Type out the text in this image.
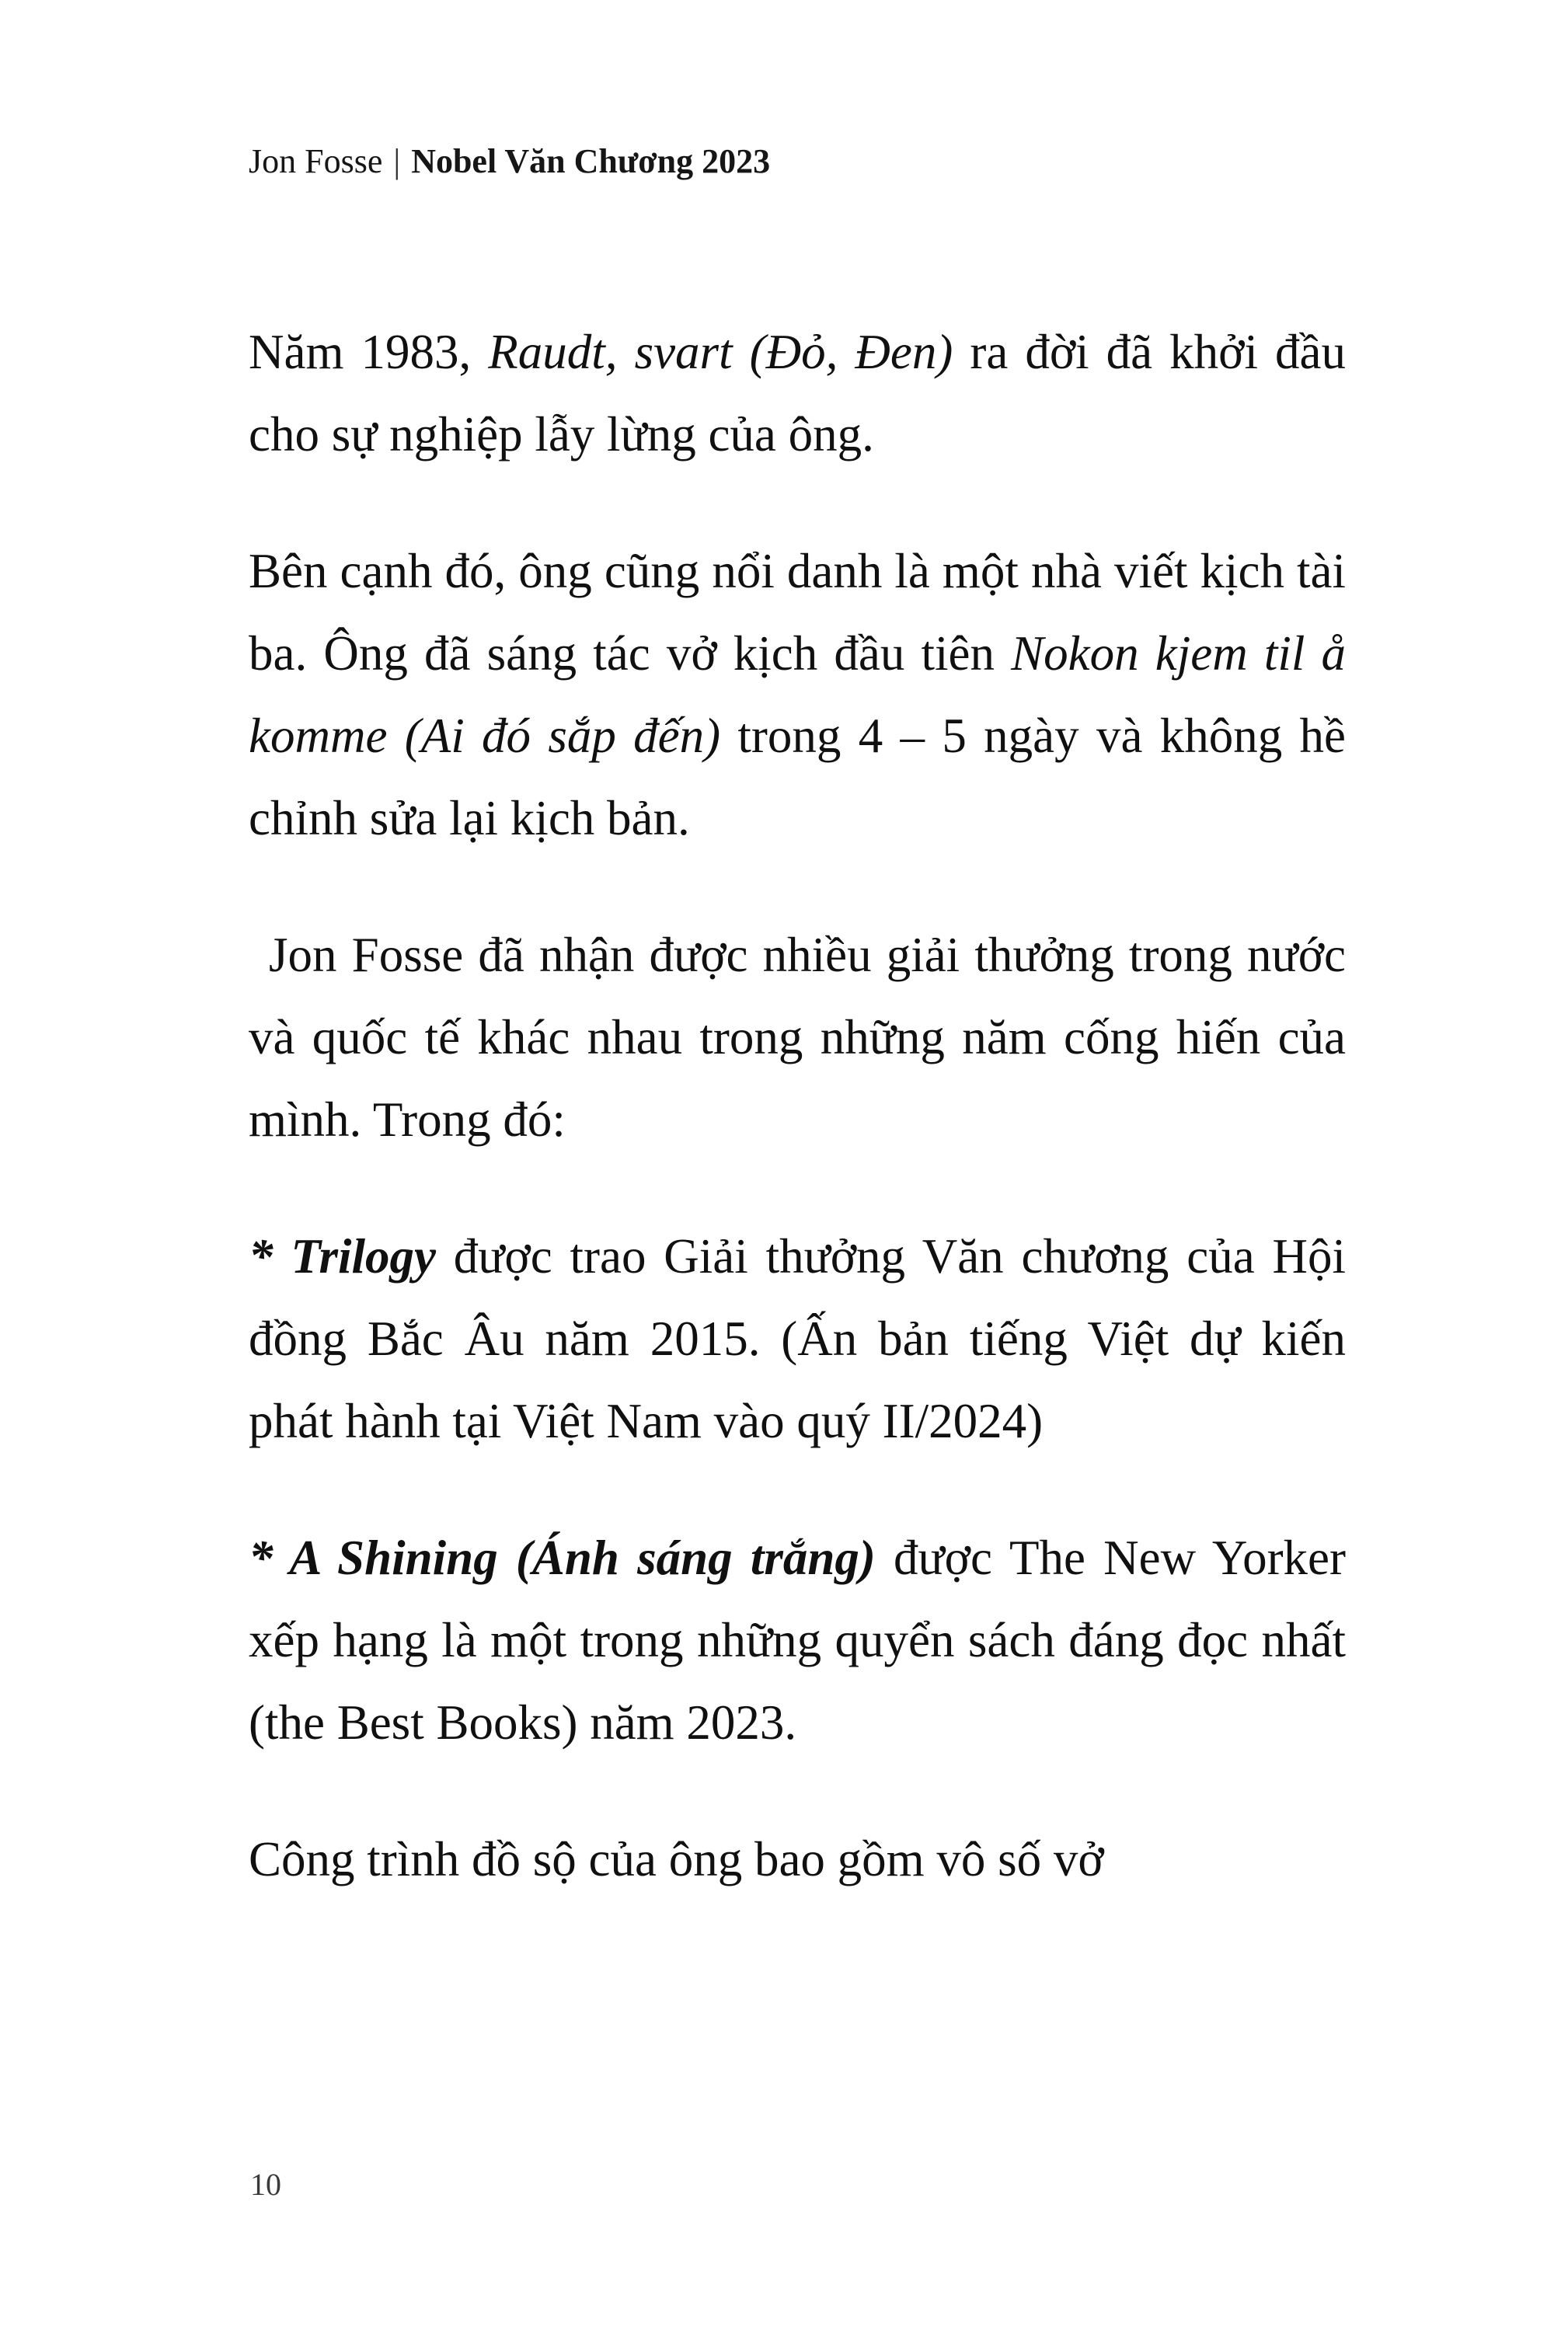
Jon Fosse | Nobel Văn Chương 2023

Năm 1983, Raudt, svart (Đỏ, Đen) ra đời đã khởi đầu cho sự nghiệp lẫy lừng của ông.

Bên cạnh đó, ông cũng nổi danh là một nhà viết kịch tài ba. Ông đã sáng tác vở kịch đầu tiên Nokon kjem til å komme (Ai đó sắp đến) trong 4 – 5 ngày và không hề chỉnh sửa lại kịch bản.

Jon Fosse đã nhận được nhiều giải thưởng trong nước và quốc tế khác nhau trong những năm cống hiến của mình. Trong đó:

* Trilogy được trao Giải thưởng Văn chương của Hội đồng Bắc Âu năm 2015. (Ấn bản tiếng Việt dự kiến phát hành tại Việt Nam vào quý II/2024)

* A Shining (Ánh sáng trắng) được The New Yorker xếp hạng là một trong những quyển sách đáng đọc nhất (the Best Books) năm 2023.

Công trình đồ sộ của ông bao gồm vô số vở

10
